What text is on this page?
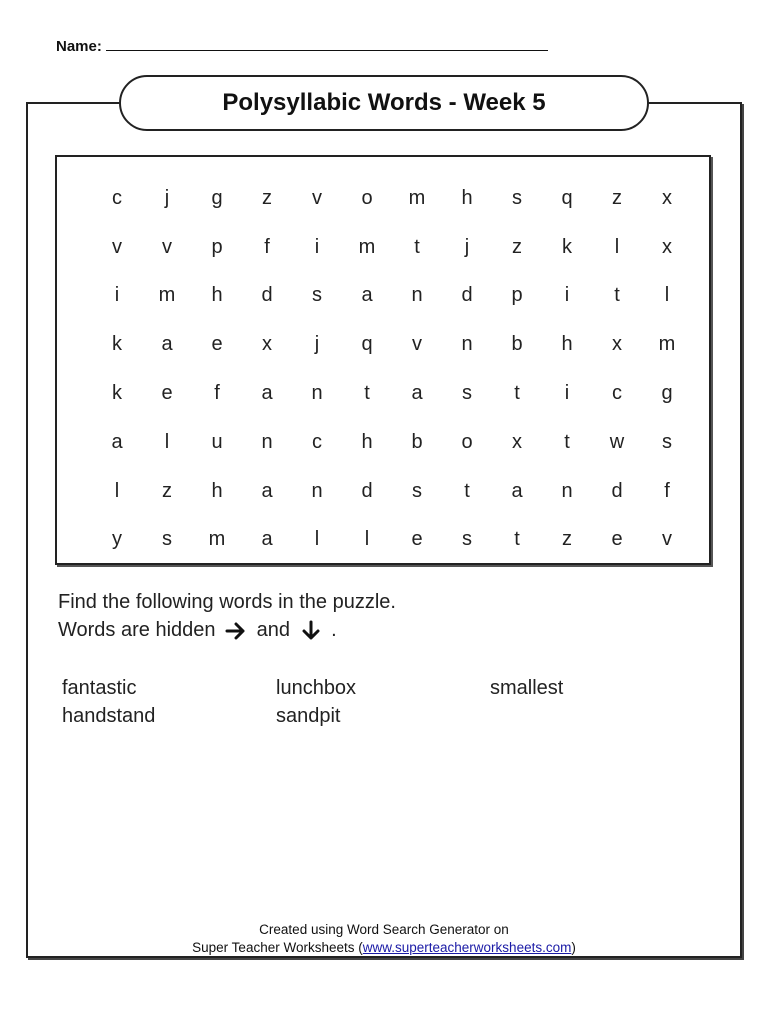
Name:
Polysyllabic Words - Week 5
c	j	g	z	v	o	m	h	s	q	z	x
v	v	p	f	i	m	t	j	z	k	l	x
i	m	h	d	s	a	n	d	p	i	t	l
k	a	e	x	j	q	v	n	b	h	x	m
k	e	f	a	n	t	a	s	t	i	c	g
a	l	u	n	c	h	b	o	x	t	w	s
l	z	h	a	n	d	s	t	a	n	d	f
y	s	m	a	l	l	e	s	t	z	e	v
Find the following words in the puzzle.
Words are hidden and .
fantastic	lunchbox	smallest
handstand	sandpit
Created using Word Search Generator on
Super Teacher Worksheets (www.superteacherworksheets.com)
